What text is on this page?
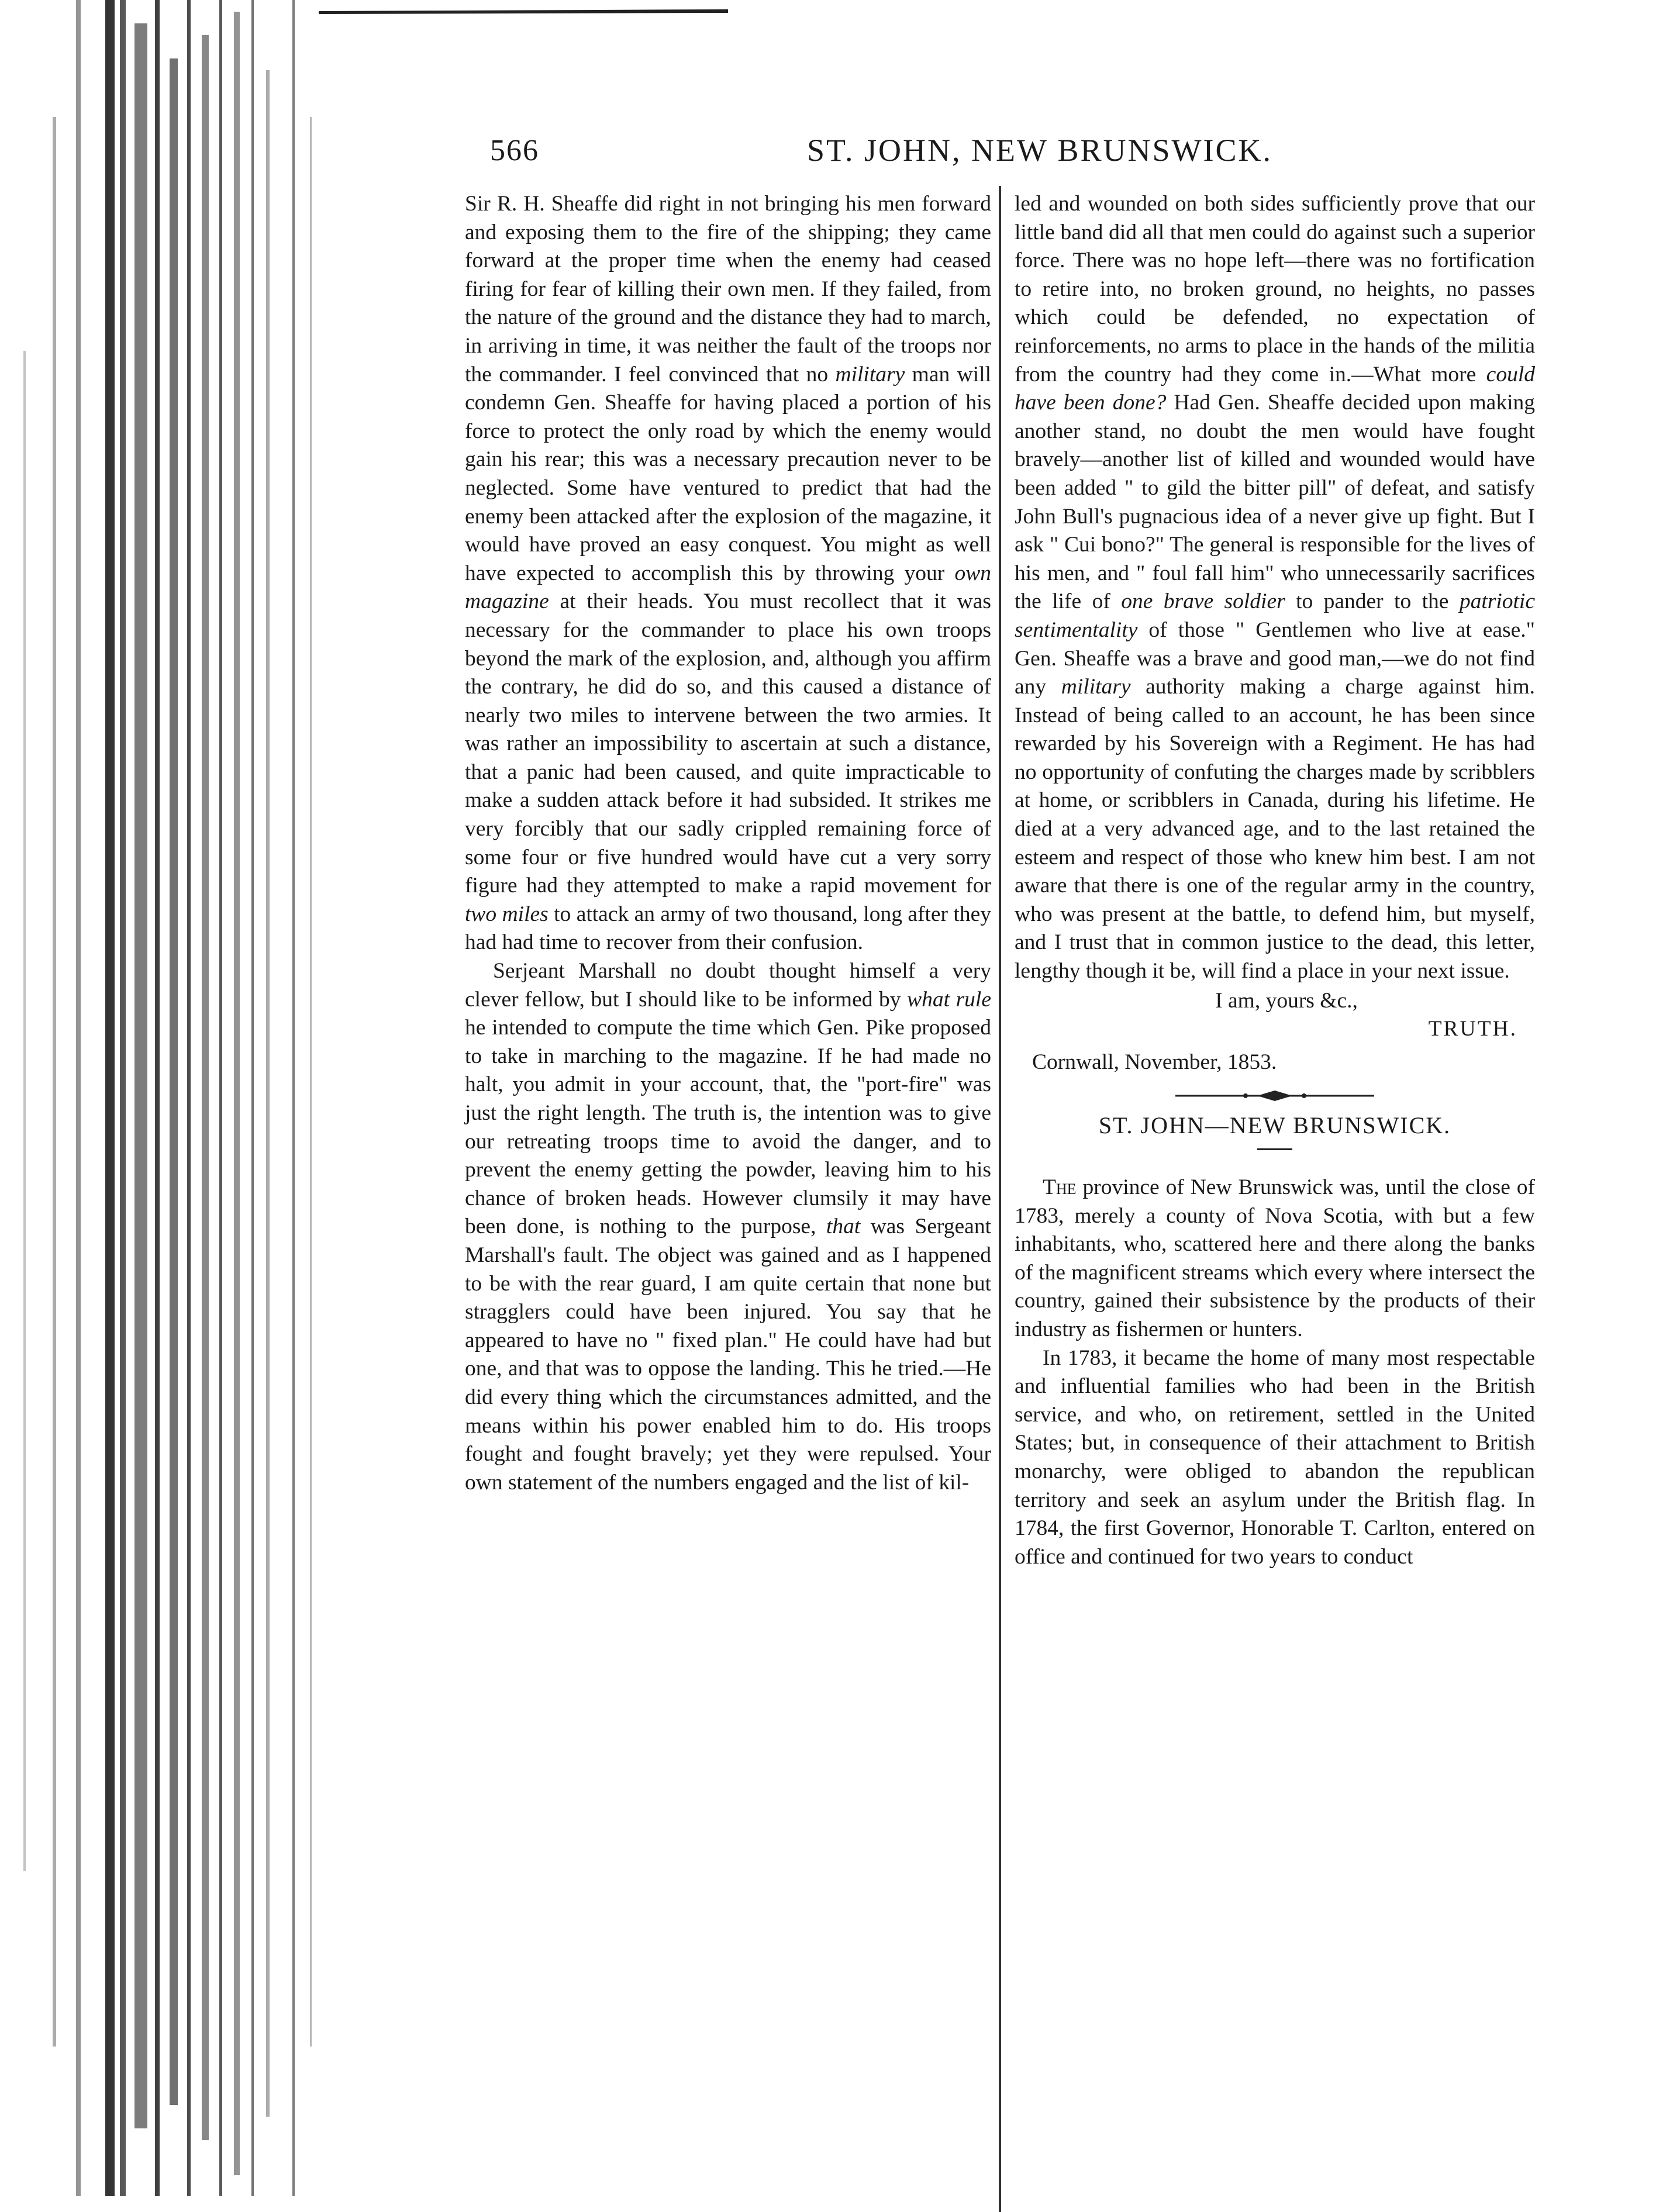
566	ST. JOHN, NEW BRUNSWICK.

Sir R. H. Sheaffe did right in not bringing his men forward and exposing them to the fire of the shipping; they came forward at the proper time when the enemy had ceased firing for fear of killing their own men. If they failed, from the nature of the ground and the distance they had to march, in arriving in time, it was neither the fault of the troops nor the commander. I feel convinced that no military man will condemn Gen. Sheaffe for having placed a portion of his force to protect the only road by which the enemy would gain his rear; this was a necessary precaution never to be neglected. Some have ventured to predict that had the enemy been attacked after the explosion of the magazine, it would have proved an easy conquest. You might as well have expected to accomplish this by throwing your own magazine at their heads. You must recollect that it was necessary for the commander to place his own troops beyond the mark of the explosion, and, although you affirm the contrary, he did do so, and this caused a distance of nearly two miles to intervene between the two armies. It was rather an impossibility to ascertain at such a distance, that a panic had been caused, and quite impracticable to make a sudden attack before it had subsided. It strikes me very forcibly that our sadly crippled remaining force of some four or five hundred would have cut a very sorry figure had they attempted to make a rapid movement for two miles to attack an army of two thousand, long after they had had time to recover from their confusion.

Serjeant Marshall no doubt thought himself a very clever fellow, but I should like to be informed by what rule he intended to compute the time which Gen. Pike proposed to take in marching to the magazine. If he had made no halt, you admit in your account, that, the "port-fire" was just the right length. The truth is, the intention was to give our retreating troops time to avoid the danger, and to prevent the enemy getting the powder, leaving him to his chance of broken heads. However clumsily it may have been done, is nothing to the purpose, that was Sergeant Marshall's fault. The object was gained and as I happened to be with the rear guard, I am quite certain that none but stragglers could have been injured. You say that he appeared to have no " fixed plan." He could have had but one, and that was to oppose the landing. This he tried.—He did every thing which the circumstances admitted, and the means within his power enabled him to do. His troops fought and fought bravely; yet they were repulsed. Your own statement of the numbers engaged and the list of kil-

led and wounded on both sides sufficiently prove that our little band did all that men could do against such a superior force. There was no hope left—there was no fortification to retire into, no broken ground, no heights, no passes which could be defended, no expectation of reinforcements, no arms to place in the hands of the militia from the country had they come in.—What more could have been done? Had Gen. Sheaffe decided upon making another stand, no doubt the men would have fought bravely—another list of killed and wounded would have been added " to gild the bitter pill" of defeat, and satisfy John Bull's pugnacious idea of a never give up fight. But I ask " Cui bono?" The general is responsible for the lives of his men, and " foul fall him" who unnecessarily sacrifices the life of one brave soldier to pander to the patriotic sentimentality of those " Gentlemen who live at ease." Gen. Sheaffe was a brave and good man,—we do not find any military authority making a charge against him. Instead of being called to an account, he has been since rewarded by his Sovereign with a Regiment. He has had no opportunity of confuting the charges made by scribblers at home, or scribblers in Canada, during his lifetime. He died at a very advanced age, and to the last retained the esteem and respect of those who knew him best. I am not aware that there is one of the regular army in the country, who was present at the battle, to defend him, but myself, and I trust that in common justice to the dead, this letter, lengthy though it be, will find a place in your next issue.

I am, yours &c.,

TRUTH.

Cornwall, November, 1853.

ST. JOHN—NEW BRUNSWICK.

The province of New Brunswick was, until the close of 1783, merely a county of Nova Scotia, with but a few inhabitants, who, scattered here and there along the banks of the magnificent streams which every where intersect the country, gained their subsistence by the products of their industry as fishermen or hunters.

In 1783, it became the home of many most respectable and influential families who had been in the British service, and who, on retirement, settled in the United States; but, in consequence of their attachment to British monarchy, were obliged to abandon the republican territory and seek an asylum under the British flag. In 1784, the first Governor, Honorable T. Carlton, entered on office and continued for two years to conduct
